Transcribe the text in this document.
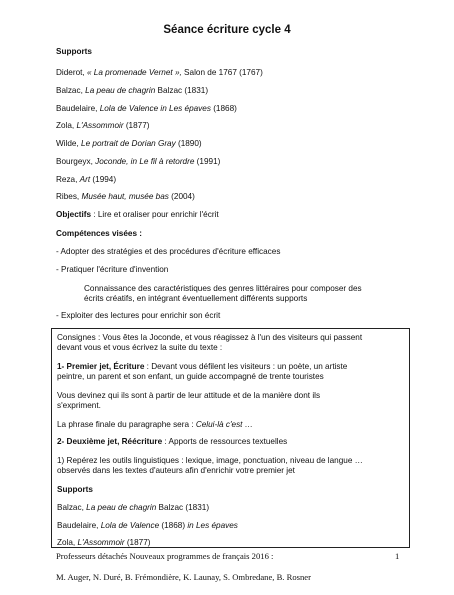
Séance écriture cycle 4
Supports
Diderot, « La promenade Vernet », Salon de 1767 (1767)
Balzac, La peau de chagrin Balzac (1831)
Baudelaire, Lola de Valence in Les épaves (1868)
Zola, L'Assommoir (1877)
Wilde, Le portrait de Dorian Gray (1890)
Bourgeyx, Joconde, in Le fil à retordre (1991)
Reza, Art (1994)
Ribes, Musée haut, musée bas (2004)
Objectifs : Lire et oraliser pour enrichir l'écrit
Compétences visées :
- Adopter des stratégies et des procédures d'écriture efficaces
- Pratiquer l'écriture d'invention
Connaissance des caractéristiques des genres littéraires pour composer des
écrits créatifs, en intégrant éventuellement différents supports
- Exploiter des lectures pour enrichir son écrit
Consignes : Vous êtes la Joconde, et vous réagissez à l'un des visiteurs qui passent
devant vous et vous écrivez la suite du texte :
1- Premier jet, Écriture : Devant vous défilent les visiteurs : un poète, un artiste
peintre, un parent et son enfant, un guide accompagné de trente touristes
Vous devinez qui ils sont à partir de leur attitude et de la manière dont ils
s'expriment.
La phrase finale du paragraphe sera : Celui-là c'est …
2- Deuxième jet, Réécriture : Apports de ressources textuelles
1) Repérez les outils linguistiques : lexique, image, ponctuation, niveau de langue …
observés dans les textes d'auteurs afin d'enrichir votre premier jet
Supports
Balzac, La peau de chagrin Balzac (1831)
Baudelaire, Lola de Valence (1868) in Les épaves
Zola, L'Assommoir (1877)
Professeurs détachés Nouveaux programmes de français 2016 :	1
M. Auger, N. Duré, B. Frémondière, K. Launay, S. Ombredane, B. Rosner
